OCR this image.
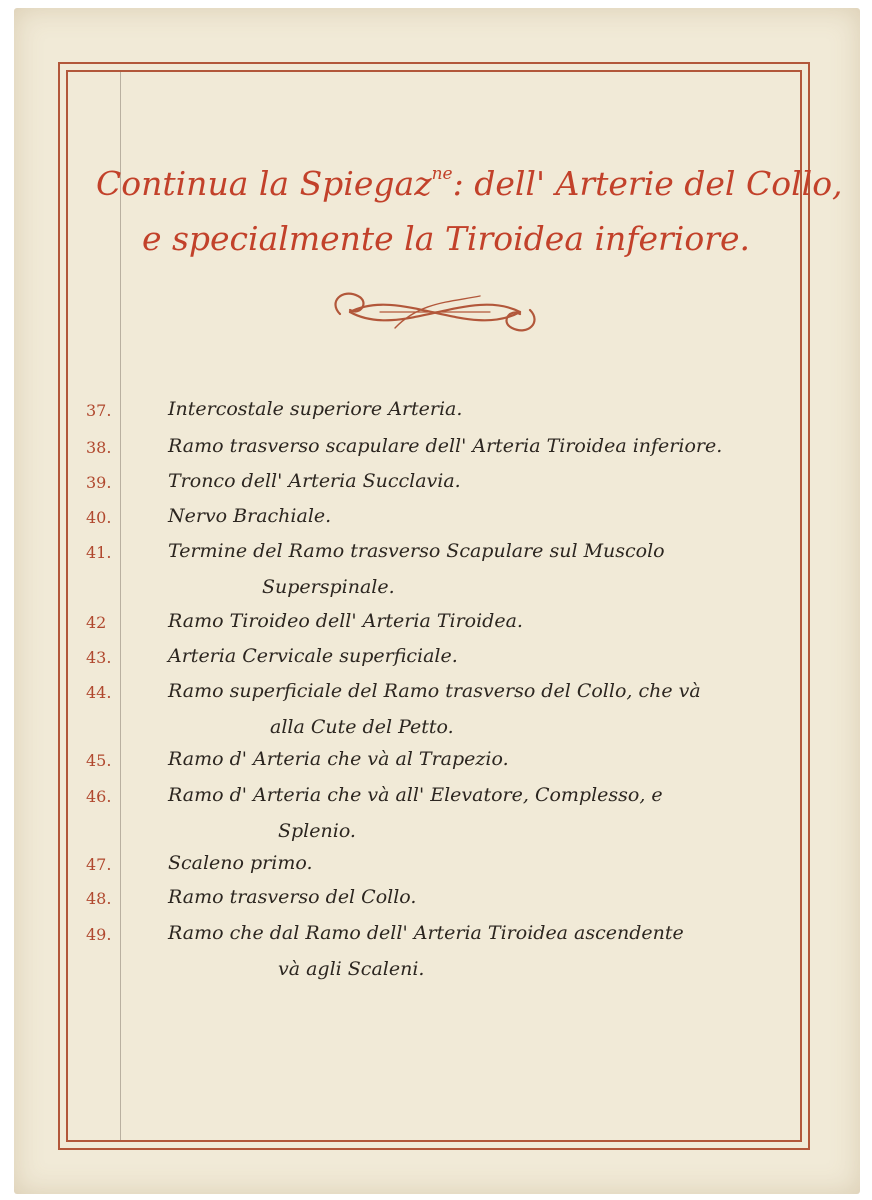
Continua la Spiegaz$^{ne}$: dell' Arterie del Collo,
e specialmente la Tiroidea inferiore.
37.	Intercostale superiore Arteria.
38.	Ramo trasverso scapulare dell' Arteria Tiroidea inferiore.
39.	Tronco dell' Arteria Succlavia.
40.	Nervo Brachiale.
41.	Termine del Ramo trasverso Scapulare sul Muscolo
Superspinale.
42	Ramo Tiroideo dell' Arteria Tiroidea.
43.	Arteria Cervicale superficiale.
44.	Ramo superficiale del Ramo trasverso del Collo, che và
alla Cute del Petto.
45.	Ramo d' Arteria che và al Trapezio.
46.	Ramo d' Arteria che và all' Elevatore, Complesso, e
Splenio.
47.	Scaleno primo.
48.	Ramo trasverso del Collo.
49.	Ramo che dal Ramo dell' Arteria Tiroidea ascendente
và agli Scaleni.
